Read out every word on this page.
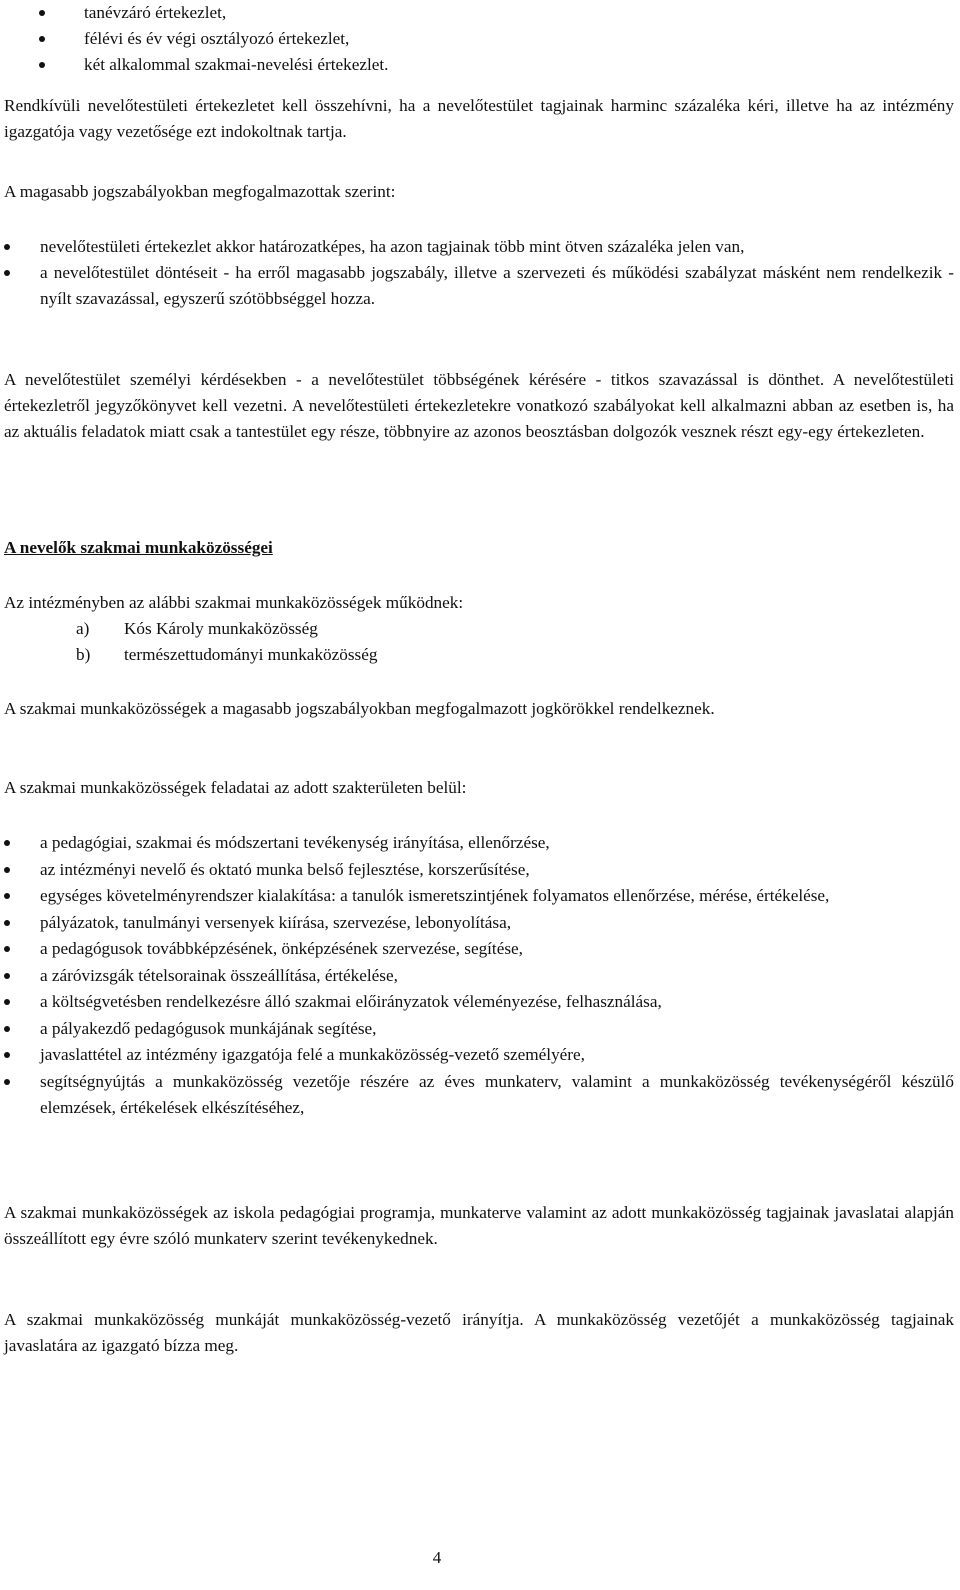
tanévzáró értekezlet,
félévi és év végi osztályozó értekezlet,
két alkalommal szakmai-nevelési értekezlet.
Rendkívüli nevelőtestületi értekezletet kell összehívni, ha a nevelőtestület tagjainak harminc százaléka kéri, illetve ha az intézmény igazgatója vagy vezetősége ezt indokoltnak tartja.
A magasabb jogszabályokban megfogalmazottak szerint:
nevelőtestületi értekezlet akkor határozatképes, ha azon tagjainak több mint ötven százaléka jelen van,
a nevelőtestület döntéseit - ha erről magasabb jogszabály, illetve a szervezeti és működési szabályzat másként nem rendelkezik - nyílt szavazással, egyszerű szótöbbséggel hozza.
A nevelőtestület személyi kérdésekben - a nevelőtestület többségének kérésére - titkos szavazással is dönthet. A nevelőtestületi értekezletről jegyzőkönyvet kell vezetni. A nevelőtestületi értekezletekre vonatkozó szabályokat kell alkalmazni abban az esetben is, ha az aktuális feladatok miatt csak a tantestület egy része, többnyire az azonos beosztásban dolgozók vesznek részt egy-egy értekezleten.
A nevelők szakmai munkaközösségei
Az intézményben az alábbi szakmai munkaközösségek működnek:
a) Kós Károly munkaközösség
b) természettudományi munkaközösség
A szakmai munkaközösségek a magasabb jogszabályokban megfogalmazott jogkörökkel rendelkeznek.
A szakmai munkaközösségek feladatai az adott szakterületen belül:
a pedagógiai, szakmai és módszertani tevékenység irányítása, ellenőrzése,
az intézményi nevelő és oktató munka belső fejlesztése, korszerűsítése,
egységes követelményrendszer kialakítása: a tanulók ismeretszintjének folyamatos ellenőrzése, mérése, értékelése,
pályázatok, tanulmányi versenyek kiírása, szervezése, lebonyolítása,
a pedagógusok továbbképzésének, önképzésének szervezése, segítése,
a záróvizsgák tételsorainak összeállítása, értékelése,
a költségvetésben rendelkezésre álló szakmai előirányzatok véleményezése, felhasználása,
a pályakezdő pedagógusok munkájának segítése,
javaslattétel az intézmény igazgatója felé a munkaközösség-vezető személyére,
segítségnyújtás a munkaközösség vezetője részére az éves munkaterv, valamint a munkaközösség tevékenységéről készülő elemzések, értékelések elkészítéséhez,
A szakmai munkaközösségek az iskola pedagógiai programja, munkaterve valamint az adott munkaközösség tagjainak javaslatai alapján összeállított egy évre szóló munkaterv szerint tevékenykednek.
A szakmai munkaközösség munkáját munkaközösség-vezető irányítja. A munkaközösség vezetőjét a munkaközösség tagjainak javaslatára az igazgató bízza meg.
4
